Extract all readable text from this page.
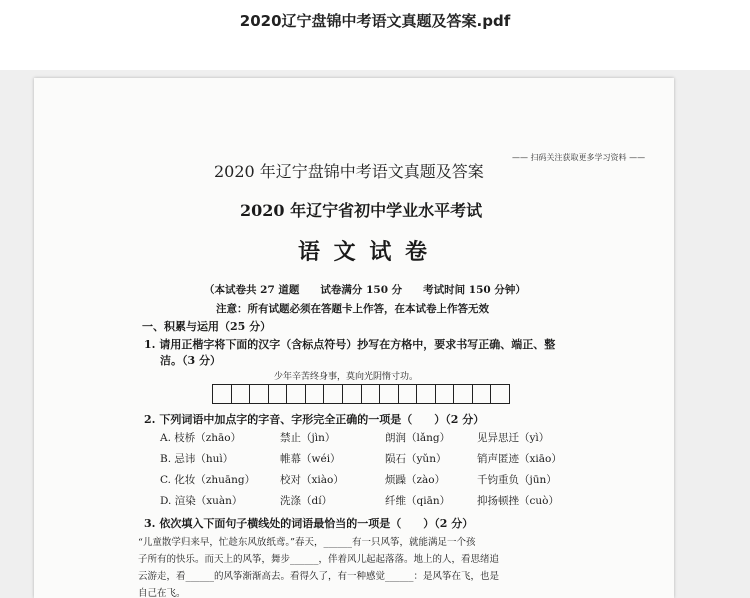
2020辽宁盘锦中考语文真题及答案.pdf
—— 扫码关注获取更多学习资料 ——
2020 年辽宁盘锦中考语文真题及答案
2020 年辽宁省初中学业水平考试
语 文 试 卷
（本试卷共 27 道题　　试卷满分 150 分　　考试时间 150 分钟）
注意：所有试题必须在答题卡上作答，在本试卷上作答无效
一、积累与运用（25 分）
1. 请用正楷字将下面的汉字（含标点符号）抄写在方格中，要求书写正确、端正、整
洁。（3 分）
少年辛苦终身事，莫向光阴惰寸功。
2. 下列词语中加点字的字音、字形完全正确的一项是（　　）（2 分）
A. 枝桥（zhāo）	禁止（jìn）	朗润（lǎng）	见异思迁（yì）
B. 忌讳（huì）	帷幕（wéi）	陨石（yǔn）	销声匿迹（xiāo）
C. 化妆（zhuāng）	校对（xiào）	烦躁（zào）	千钧重负（jūn）
D. 渲染（xuàn）	洗涤（dí）	纤维（qiān）	抑扬顿挫（cuò）
3. 依次填入下面句子横线处的词语最恰当的一项是（　　）（2 分）
“儿童散学归来早，忙趁东风放纸鸢。”春天，______有一只风筝，就能满足一个孩
子所有的快乐。而天上的风筝，舞步______，伴着风儿起起落落。地上的人，看思绪追
云游走，看______的风筝渐渐高去。看得久了，有一种感觉______：是风筝在飞，也是
自己在飞。
